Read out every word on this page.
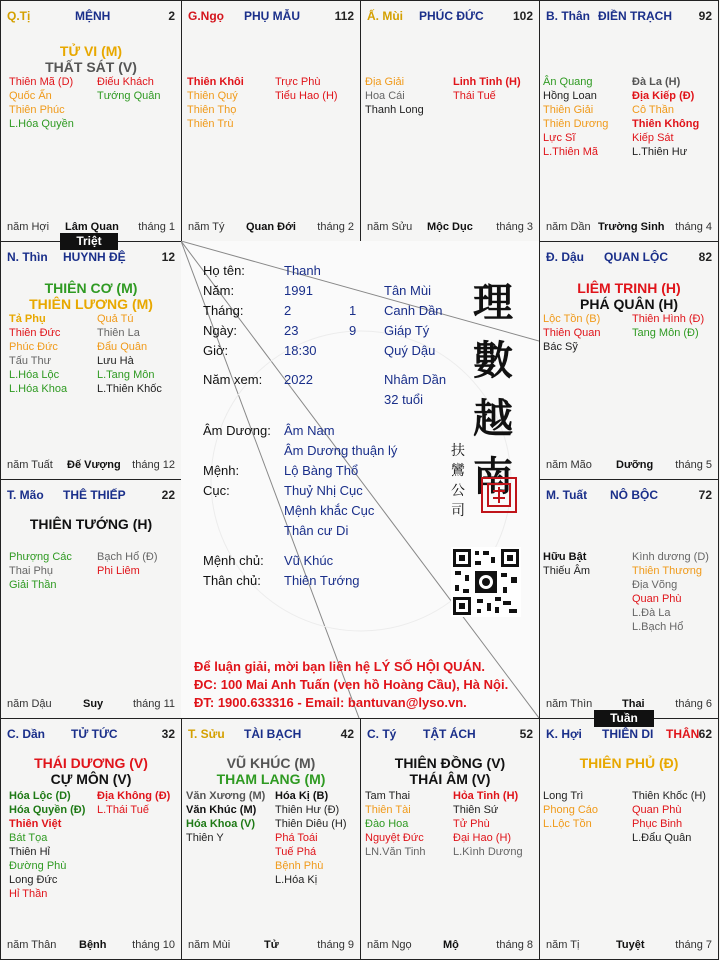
Q.Tị	MỆNH	2
TỬ VI (M)
THẤT SÁT (V)
Thiên Mã (D)
Quốc Ấn
Thiên Phúc
L.Hóa Quyền
Điếu Khách
Tướng Quân
năm Hợi Lâm Quan tháng 1
G.Ngọ PHỤ MẪU	112
Thiên Khôi
Thiên Quý
Thiên Thọ
Thiên Trù
Trực Phù
Tiểu Hao (H)
năm Tý Quan Đới tháng 2
Ấ. Mùi PHÚC ĐỨC 102
Địa Giải
Hoa Cái
Thanh Long
Linh Tinh (H)
Thái Tuế
năm Sửu Mộc Dục tháng 3
B. Thân ĐIỀN TRẠCH 92
Ân Quang
Hồng Loan
Thiên Giải
Thiên Dương
Lực Sĩ
L.Thiên Mã
Đà La (H)
Địa Kiếp (Đ)
Cô Thần
Thiên Không
Kiếp Sát
L.Thiên Hư
năm Dần Trường Sinh tháng 4
N. Thìn HUYNH ĐỆ	12
THIÊN CƠ (M)
THIÊN LƯƠNG (M)
Tả Phụ
Thiên Đức
Phúc Đức
Tấu Thư
L.Hóa Lộc
L.Hóa Khoa
Quả Tú
Thiên La
Đẩu Quân
Lưu Hà
L.Tang Môn
L.Thiên Khốc
năm Tuất Đế Vượng tháng 12
Đ. Dậu QUAN LỘC	82
LIÊM TRINH (H)
PHÁ QUÂN (H)
Lộc Tồn (B)
Thiên Quan
Bác Sỹ
Thiên Hình (Đ)
Tang Môn (Đ)
năm Mão Dưỡng tháng 5
T. Mão THÊ THIẾP	22
THIÊN TƯỚNG (H)
Phượng Các
Thai Phụ
Giải Thần
Bạch Hổ (Đ)
Phi Liêm
năm Dậu	Suy	tháng 11
M. Tuất NÔ BỘC	72
Hữu Bật
Thiếu Âm
Kình dương (D)
Thiên Thương
Địa Võng
Quan Phù
L.Đà La
L.Bạch Hổ
năm Thìn	Thai	tháng 6
C. Dần TỬ TỨC	32
THÁI DƯƠNG (V)
CỰ MÔN (V)
Hóa Lộc (D)
Hóa Quyền (Đ)
Thiên Việt
Bát Tọa
Thiên Hỉ
Đường Phù
Long Đức
Hỉ Thần
Địa Không (Đ)
L.Thái Tuế
năm Thân Bệnh tháng 10
T. Sửu TÀI BẠCH	42
VŨ KHÚC (M)
THAM LANG (M)
Văn Xương (M)
Văn Khúc (M)
Hóa Khoa (V)
Thiên Y
Hóa Kị (B)
Thiên Hư (Đ)
Thiên Diêu (H)
Phá Toái
Tuế Phá
Bệnh Phù
L.Hóa Kị
năm Mùi	Tử	tháng 9
C. Tý TẬT ÁCH	52
THIÊN ĐỒNG (V)
THÁI ÂM (V)
Tam Thai
Thiên Tài
Đào Hoa
Nguyệt Đức
LN.Văn Tinh
Hỏa Tinh (H)
Thiên Sứ
Tử Phù
Đại Hao (H)
L.Kình Dương
năm Ngọ	Mộ	tháng 8
K. Hợi THIÊN DI THÂN 62
THIÊN PHỦ (Đ)
Long Trì
Phong Cáo
L.Lộc Tồn
Thiên Khốc (H)
Quan Phù
Phục Binh
L.Đẩu Quân
năm Tị	Tuyệt	tháng 7
Họ tên:	Thanh
Năm:	1991	Tân Mùi
Tháng:	2	1 Canh Dần
Ngày:	23	9 Giáp Tý
Giờ:	18:30	Quý Dậu
Năm xem: 2022	Nhâm Dần
32 tuổi
Âm Dương: Âm Nam
Âm Dương thuận lý
Mệnh:	Lộ Bàng Thổ
Cục:	Thuỷ Nhị Cục
Mệnh khắc Cục
Thân cư Di
Mệnh chủ: Vũ Khúc
Thân chủ: Thiên Tướng
理
數
越
南
扶
鸞
公
司
Để luận giải, mời bạn liên hệ LÝ SỐ HỘI QUÁN.
ĐC: 100 Mai Anh Tuấn (ven hồ Hoàng Cầu), Hà Nội.
ĐT: 1900.633316 - Email: bantuvan@lyso.vn.
Triệt
Tuần
